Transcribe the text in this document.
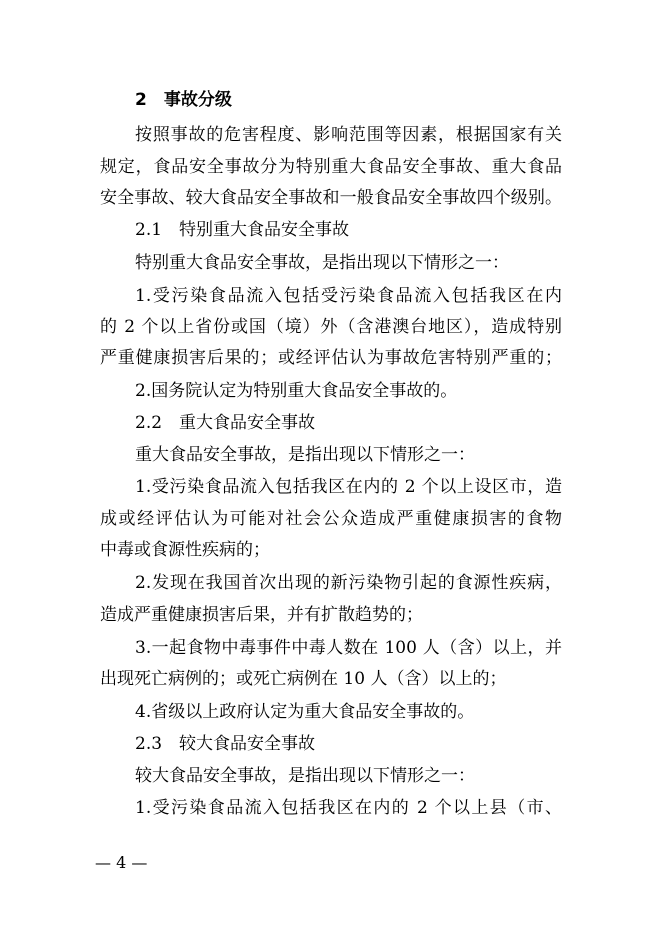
2　事故分级
按照事故的危害程度、影响范围等因素，根据国家有关
规定，食品安全事故分为特别重大食品安全事故、重大食品
安全事故、较大食品安全事故和一般食品安全事故四个级别。
2.1　特别重大食品安全事故
特别重大食品安全事故，是指出现以下情形之一：
1.受污染食品流入包括受污染食品流入包括我区在内
的 2 个以上省份或国（境）外（含港澳台地区），造成特别
严重健康损害后果的；或经评估认为事故危害特别严重的；
2.国务院认定为特别重大食品安全事故的。
2.2　重大食品安全事故
重大食品安全事故，是指出现以下情形之一：
1.受污染食品流入包括我区在内的 2 个以上设区市，造
成或经评估认为可能对社会公众造成严重健康损害的食物
中毒或食源性疾病的；
2.发现在我国首次出现的新污染物引起的食源性疾病，
造成严重健康损害后果，并有扩散趋势的；
3.一起食物中毒事件中毒人数在 100 人（含）以上，并
出现死亡病例的；或死亡病例在 10 人（含）以上的；
4.省级以上政府认定为重大食品安全事故的。
2.3　较大食品安全事故
较大食品安全事故，是指出现以下情形之一：
1.受污染食品流入包括我区在内的 2 个以上县（市、
— 4 —
